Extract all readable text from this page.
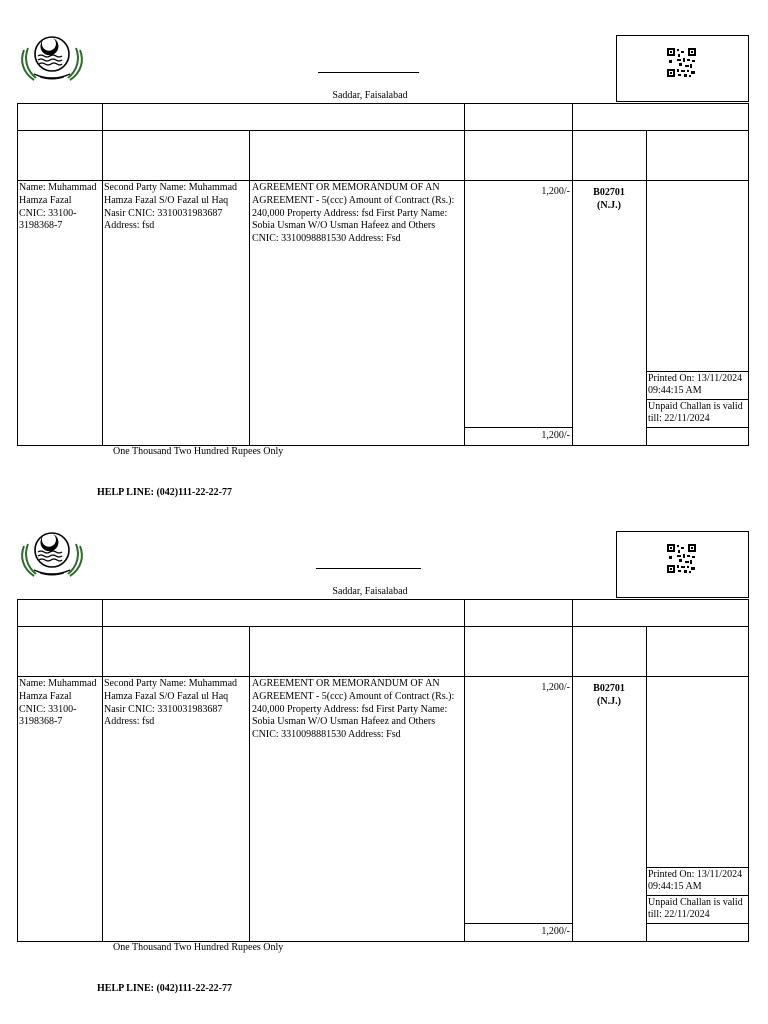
Saddar, Faisalabad
Name: Muhammad Hamza Fazal CNIC: 33100-3198368-7
Second Party Name: Muhammad Hamza Fazal S/O Fazal ul Haq Nasir CNIC: 3310031983687 Address: fsd
AGREEMENT OR MEMORANDUM OF AN AGREEMENT - 5(ccc) Amount of Contract (Rs.): 240,000 Property Address: fsd First Party Name: Sobia Usman W/O Usman Hafeez and Others CNIC: 3310098881530 Address: Fsd
1,200/-	B02701
(N.J.)
Printed On: 13/11/2024 09:44:15 AM
Unpaid Challan is valid till: 22/11/2024
1,200/-
One Thousand Two Hundred Rupees Only
HELP LINE: (042)111-22-22-77
Saddar, Faisalabad
Name: Muhammad Hamza Fazal CNIC: 33100-3198368-7
Second Party Name: Muhammad Hamza Fazal S/O Fazal ul Haq Nasir CNIC: 3310031983687 Address: fsd
AGREEMENT OR MEMORANDUM OF AN AGREEMENT - 5(ccc) Amount of Contract (Rs.): 240,000 Property Address: fsd First Party Name: Sobia Usman W/O Usman Hafeez and Others CNIC: 3310098881530 Address: Fsd
1,200/-	B02701
(N.J.)
Printed On: 13/11/2024 09:44:15 AM
Unpaid Challan is valid till: 22/11/2024
1,200/-
One Thousand Two Hundred Rupees Only
HELP LINE: (042)111-22-22-77
